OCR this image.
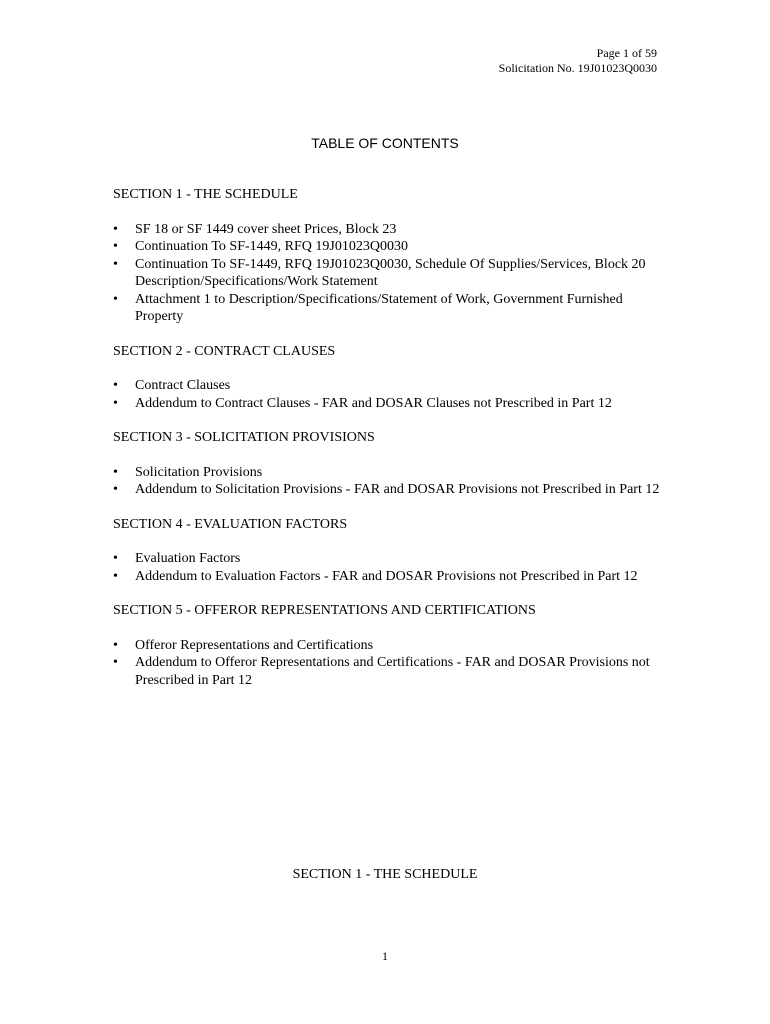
Page 1 of 59
Solicitation No. 19J01023Q0030
TABLE OF CONTENTS
SECTION 1 - THE SCHEDULE
• SF 18 or SF 1449 cover sheet Prices, Block 23
• Continuation To SF-1449, RFQ 19J01023Q0030
• Continuation To SF-1449, RFQ 19J01023Q0030, Schedule Of Supplies/Services, Block 20 Description/Specifications/Work Statement
• Attachment 1 to Description/Specifications/Statement of Work, Government Furnished Property
SECTION 2 - CONTRACT CLAUSES
• Contract Clauses
• Addendum to Contract Clauses - FAR and DOSAR Clauses not Prescribed in Part 12
SECTION 3 - SOLICITATION PROVISIONS
• Solicitation Provisions
• Addendum to Solicitation Provisions - FAR and DOSAR Provisions not Prescribed in Part 12
SECTION 4 - EVALUATION FACTORS
• Evaluation Factors
• Addendum to Evaluation Factors - FAR and DOSAR Provisions not Prescribed in Part 12
SECTION 5 - OFFEROR REPRESENTATIONS AND CERTIFICATIONS
• Offeror Representations and Certifications
• Addendum to Offeror Representations and Certifications - FAR and DOSAR Provisions not Prescribed in Part 12
SECTION 1 - THE SCHEDULE
1
